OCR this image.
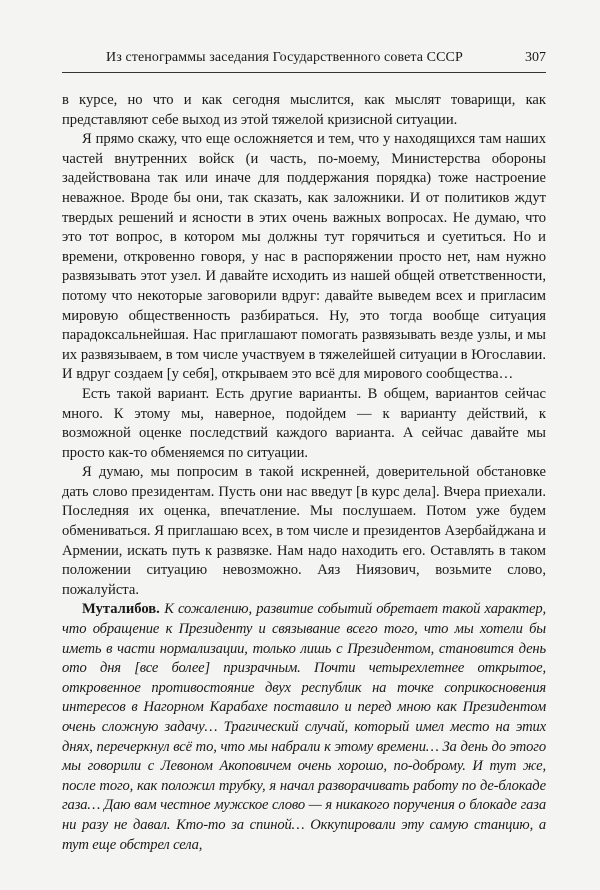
Из стенограммы заседания Государственного совета СССР	307

в курсе, но что и как сегодня мыслится, как мыслят товарищи, как представляют себе выход из этой тяжелой кризисной ситуации.

Я прямо скажу, что еще осложняется и тем, что у находящихся там наших частей внутренних войск (и часть, по-моему, Министерства обороны задействована так или иначе для поддержания порядка) тоже настроение неважное. Вроде бы они, так сказать, как заложники. И от политиков ждут твердых решений и ясности в этих очень важных вопросах. Не думаю, что это тот вопрос, в котором мы должны тут горячиться и суетиться. Но и времени, откровенно говоря, у нас в распоряжении просто нет, нам нужно развязывать этот узел. И давайте исходить из нашей общей ответственности, потому что некоторые заговорили вдруг: давайте выведем всех и пригласим мировую общественность разбираться. Ну, это тогда вообще ситуация парадоксальнейшая. Нас приглашают помогать развязывать везде узлы, и мы их развязываем, в том числе участвуем в тяжелейшей ситуации в Югославии. И вдруг создаем [у себя], открываем это всё для мирового сообщества…

Есть такой вариант. Есть другие варианты. В общем, вариантов сейчас много. К этому мы, наверное, подойдем — к варианту действий, к возможной оценке последствий каждого варианта. А сейчас давайте мы просто как-то обменяемся по ситуации.

Я думаю, мы попросим в такой искренней, доверительной обстановке дать слово президентам. Пусть они нас введут [в курс дела]. Вчера приехали. Последняя их оценка, впечатление. Мы послушаем. Потом уже будем обмениваться. Я приглашаю всех, в том числе и президентов Азербайджана и Армении, искать путь к развязке. Нам надо находить его. Оставлять в таком положении ситуацию невозможно. Аяз Ниязович, возьмите слово, пожалуйста.

Муталибов. К сожалению, развитие событий обретает такой характер, что обращение к Президенту и связывание всего того, что мы хотели бы иметь в части нормализации, только лишь с Президентом, становится день ото дня [все более] призрачным. Почти четырехлетнее открытое, откровенное противостояние двух республик на точке соприкосновения интересов в Нагорном Карабахе поставило и перед мною как Президентом очень сложную задачу… Трагический случай, который имел место на этих днях, перечеркнул всё то, что мы набрали к этому времени… За день до этого мы говорили с Левоном Акоповичем очень хорошо, по-доброму. И тут же, после того, как положил трубку, я начал разворачивать работу по де-блокаде газа… Даю вам честное мужское слово — я никакого поручения о блокаде газа ни разу не давал. Кто-то за спиной… Оккупировали эту самую станцию, а тут еще обстрел села,
